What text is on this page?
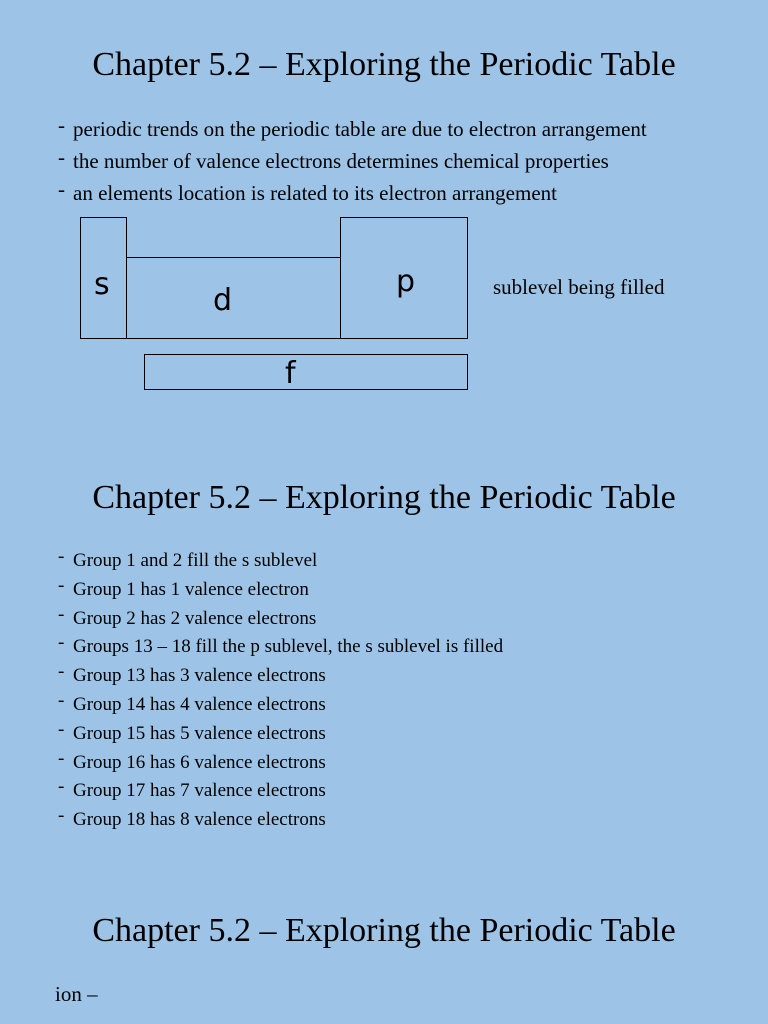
Chapter 5.2 – Exploring the Periodic Table
- periodic trends on the periodic table are due to electron arrangement
- the number of valence electrons determines chemical properties
- an elements location is related to its electron arrangement
s	d
p
f
sublevel being filled
Chapter 5.2 – Exploring the Periodic Table
- Group 1 and 2 fill the s sublevel
- Group 1 has 1 valence electron
- Group 2 has 2 valence electrons
- Groups 13 – 18 fill the p sublevel, the s sublevel is filled
- Group 13 has 3 valence electrons
- Group 14 has 4 valence electrons
- Group 15 has 5 valence electrons
- Group 16 has 6 valence electrons
- Group 17 has 7 valence electrons
- Group 18 has 8 valence electrons
Chapter 5.2 – Exploring the Periodic Table
ion –
